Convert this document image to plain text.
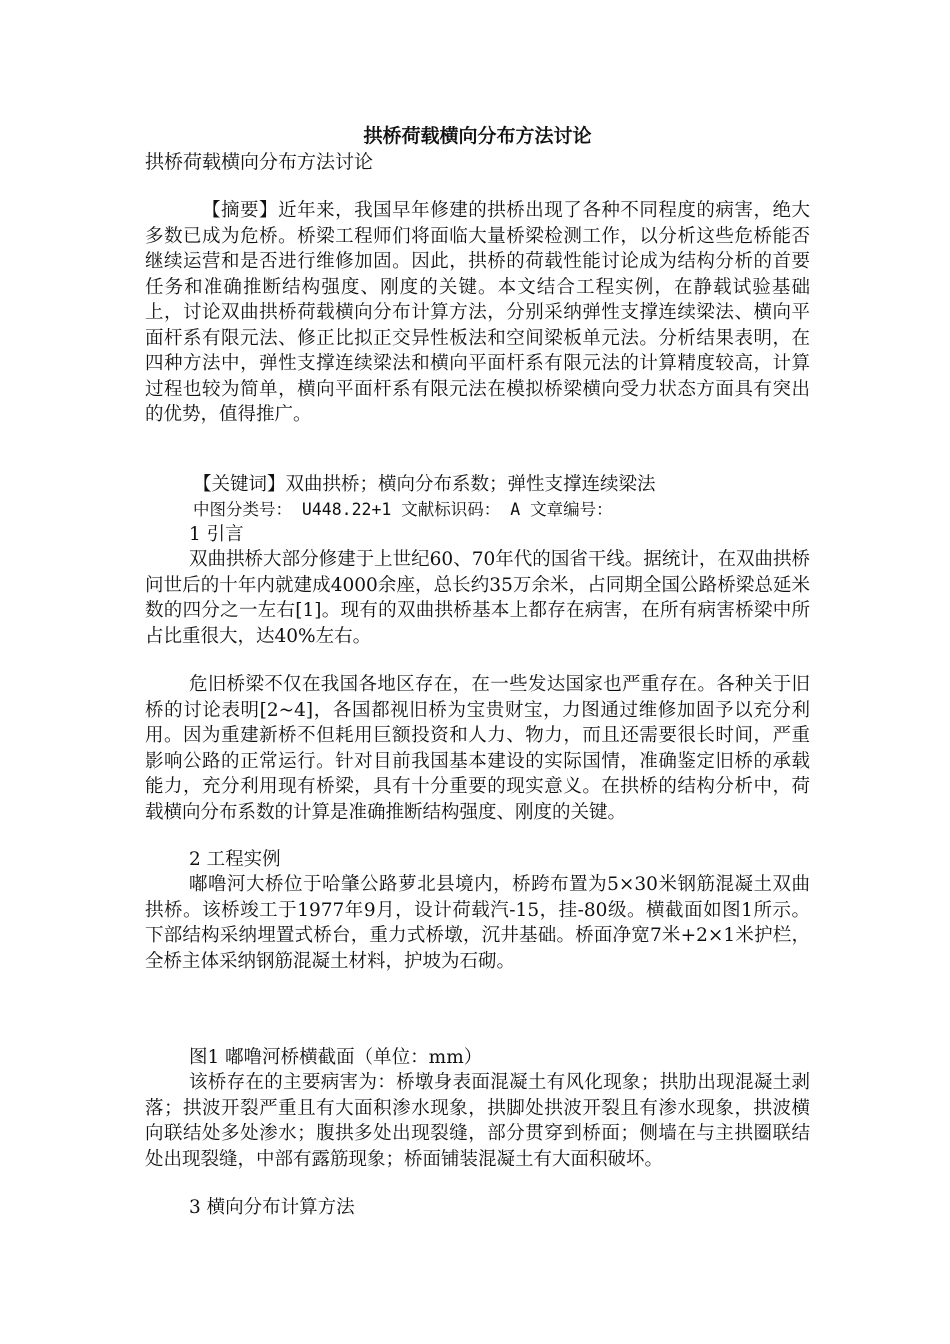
拱桥荷载横向分布方法讨论
拱桥荷载横向分布方法讨论

【摘要】近年来，我国早年修建的拱桥出现了各种不同程度的病害，绝大多数已成为危桥。桥梁工程师们将面临大量桥梁检测工作，以分析这些危桥能否继续运营和是否进行维修加固。因此，拱桥的荷载性能讨论成为结构分析的首要任务和准确推断结构强度、刚度的关键。本文结合工程实例，在静载试验基础上，讨论双曲拱桥荷载横向分布计算方法，分别采纳弹性支撑连续梁法、横向平面杆系有限元法、修正比拟正交异性板法和空间梁板单元法。分析结果表明，在四种方法中，弹性支撑连续梁法和横向平面杆系有限元法的计算精度较高，计算过程也较为简单，横向平面杆系有限元法在模拟桥梁横向受力状态方面具有突出的优势，值得推广。

【关键词】双曲拱桥；横向分布系数；弹性支撑连续梁法

中图分类号： U448.22+1 文献标识码： A 文章编号：

1 引言

双曲拱桥大部分修建于上世纪60、70年代的国省干线。据统计，在双曲拱桥问世后的十年内就建成4000余座，总长约35万余米，占同期全国公路桥梁总延米数的四分之一左右[1]。现有的双曲拱桥基本上都存在病害，在所有病害桥梁中所占比重很大，达40%左右。

危旧桥梁不仅在我国各地区存在，在一些发达国家也严重存在。各种关于旧桥的讨论表明[2~4]，各国都视旧桥为宝贵财宝，力图通过维修加固予以充分利用。因为重建新桥不但耗用巨额投资和人力、物力，而且还需要很长时间，严重影响公路的正常运行。针对目前我国基本建设的实际国情，准确鉴定旧桥的承载能力，充分利用现有桥梁，具有十分重要的现实意义。在拱桥的结构分析中，荷载横向分布系数的计算是准确推断结构强度、刚度的关键。

2 工程实例

嘟噜河大桥位于哈肇公路萝北县境内，桥跨布置为5×30米钢筋混凝土双曲拱桥。该桥竣工于1977年9月，设计荷载汽-15，挂-80级。横截面如图1所示。下部结构采纳埋置式桥台，重力式桥墩，沉井基础。桥面净宽7米+2×1米护栏，全桥主体采纳钢筋混凝土材料，护坡为石砌。

图1 嘟噜河桥横截面（单位：mm）

该桥存在的主要病害为：桥墩身表面混凝土有风化现象；拱肋出现混凝土剥落；拱波开裂严重且有大面积渗水现象，拱脚处拱波开裂且有渗水现象，拱波横向联结处多处渗水；腹拱多处出现裂缝，部分贯穿到桥面；侧墙在与主拱圈联结处出现裂缝，中部有露筋现象；桥面铺装混凝土有大面积破坏。

3 横向分布计算方法
